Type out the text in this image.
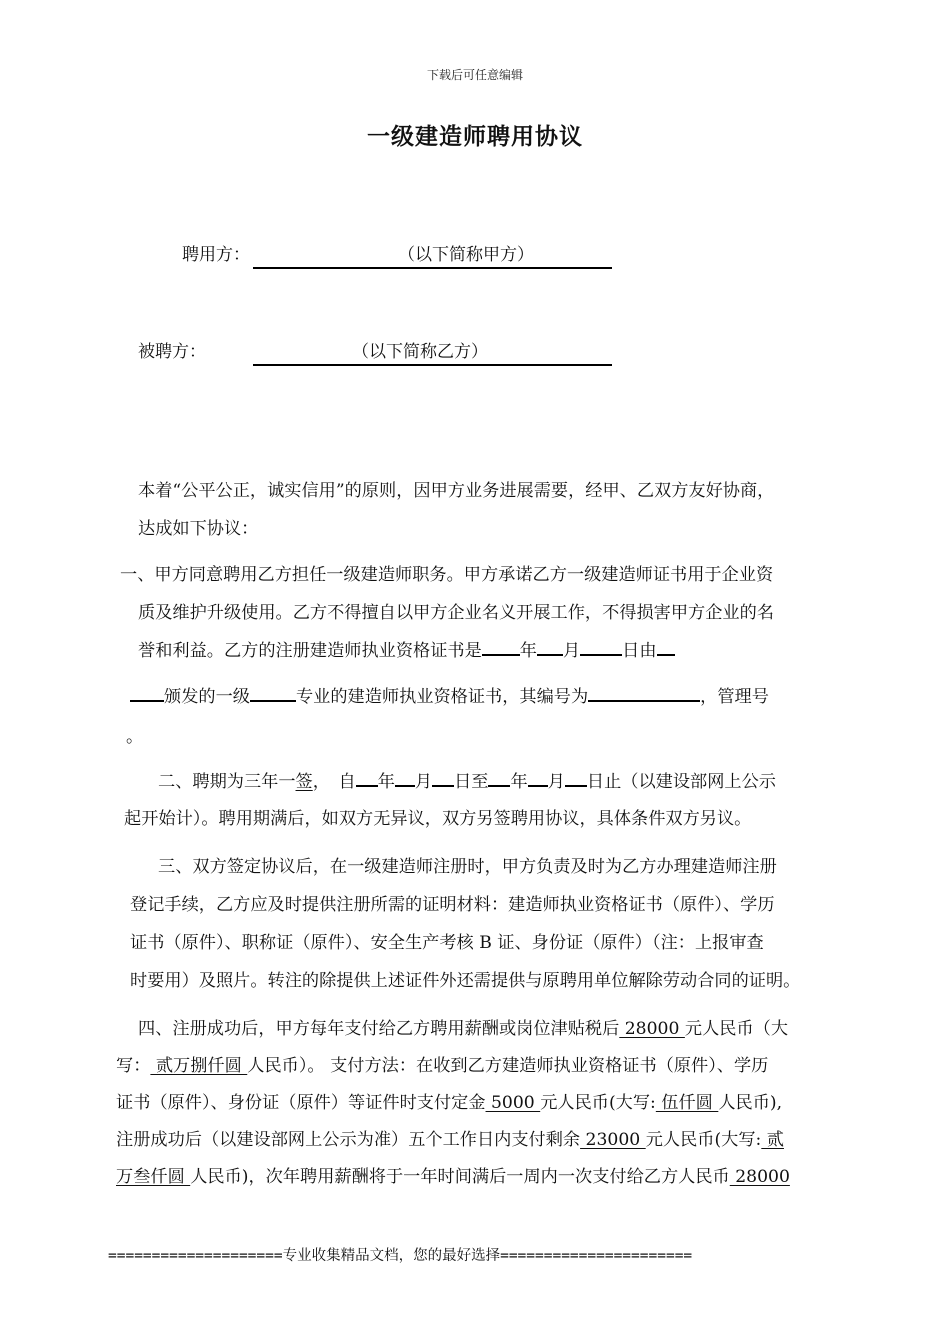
下载后可任意编辑
一级建造师聘用协议
聘用方：	（以下简称甲方）
被聘方：	（以下简称乙方）
本着“公平公正，诚实信用”的原则，因甲方业务进展需要，经甲、乙双方友好协商，
达成如下协议：
一、甲方同意聘用乙方担任一级建造师职务。甲方承诺乙方一级建造师证书用于企业资
质及维护升级使用。乙方不得擅自以甲方企业名义开展工作，不得损害甲方企业的名
誉和利益。乙方的注册建造师执业资格证书是 年 月 日由
颁发的一级	专业的建造师执业资格证书，其编号为	，管理号
。
二、聘期为三年一签，　自 年 月 日至 年 月 日止（以建设部网上公示
起开始计）。聘用期满后，如双方无异议，双方另签聘用协议，具体条件双方另议。
三、双方签定协议后，在一级建造师注册时，甲方负责及时为乙方办理建造师注册
登记手续，乙方应及时提供注册所需的证明材料：建造师执业资格证书（原件）、学历
证书（原件）、职称证（原件）、安全生产考核 B 证、身份证（原件）（注：上报审查
时要用）及照片。转注的除提供上述证件外还需提供与原聘用单位解除劳动合同的证明。
四、注册成功后，甲方每年支付给乙方聘用薪酬或岗位津贴税后 28000 元人民币（大
写： 贰万捌仟圆 人民币）。 支付方法：在收到乙方建造师执业资格证书（原件）、学历
证书（原件）、身份证（原件）等证件时支付定金 5000 元人民币(大写: 伍仟圆 人民币),
注册成功后（以建设部网上公示为准）五个工作日内支付剩余 23000 元人民币(大写: 贰
万叁仟圆 人民币)，次年聘用薪酬将于一年时间满后一周内一次支付给乙方人民币 28000
====================专业收集精品文档，您的最好选择======================
